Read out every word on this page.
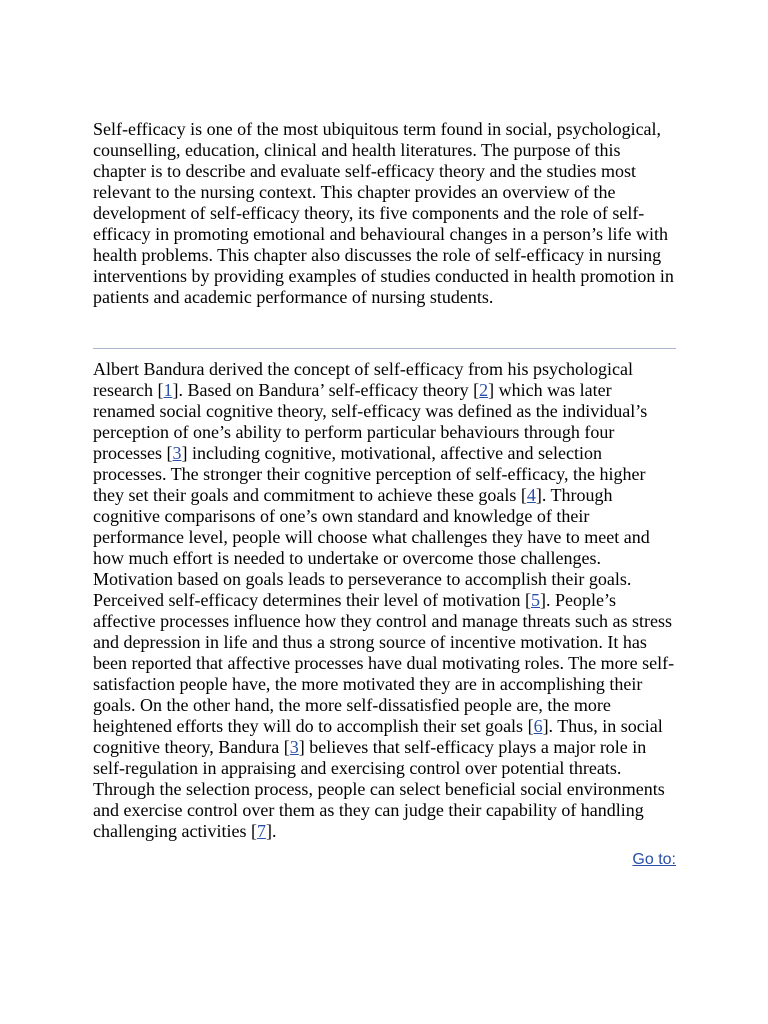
Self-efficacy is one of the most ubiquitous term found in social, psychological, counselling, education, clinical and health literatures. The purpose of this chapter is to describe and evaluate self-efficacy theory and the studies most relevant to the nursing context. This chapter provides an overview of the development of self-efficacy theory, its five components and the role of self-efficacy in promoting emotional and behavioural changes in a person’s life with health problems. This chapter also discusses the role of self-efficacy in nursing interventions by providing examples of studies conducted in health promotion in patients and academic performance of nursing students.

Albert Bandura derived the concept of self-efficacy from his psychological research [1]. Based on Bandura’ self-efficacy theory [2] which was later renamed social cognitive theory, self-efficacy was defined as the individual’s perception of one’s ability to perform particular behaviours through four processes [3] including cognitive, motivational, affective and selection processes. The stronger their cognitive perception of self-efficacy, the higher they set their goals and commitment to achieve these goals [4]. Through cognitive comparisons of one’s own standard and knowledge of their performance level, people will choose what challenges they have to meet and how much effort is needed to undertake or overcome those challenges. Motivation based on goals leads to perseverance to accomplish their goals. Perceived self-efficacy determines their level of motivation [5]. People’s affective processes influence how they control and manage threats such as stress and depression in life and thus a strong source of incentive motivation. It has been reported that affective processes have dual motivating roles. The more self-satisfaction people have, the more motivated they are in accomplishing their goals. On the other hand, the more self-dissatisfied people are, the more heightened efforts they will do to accomplish their set goals [6]. Thus, in social cognitive theory, Bandura [3] believes that self-efficacy plays a major role in self-regulation in appraising and exercising control over potential threats. Through the selection process, people can select beneficial social environments and exercise control over them as they can judge their capability of handling challenging activities [7].

Go to:
